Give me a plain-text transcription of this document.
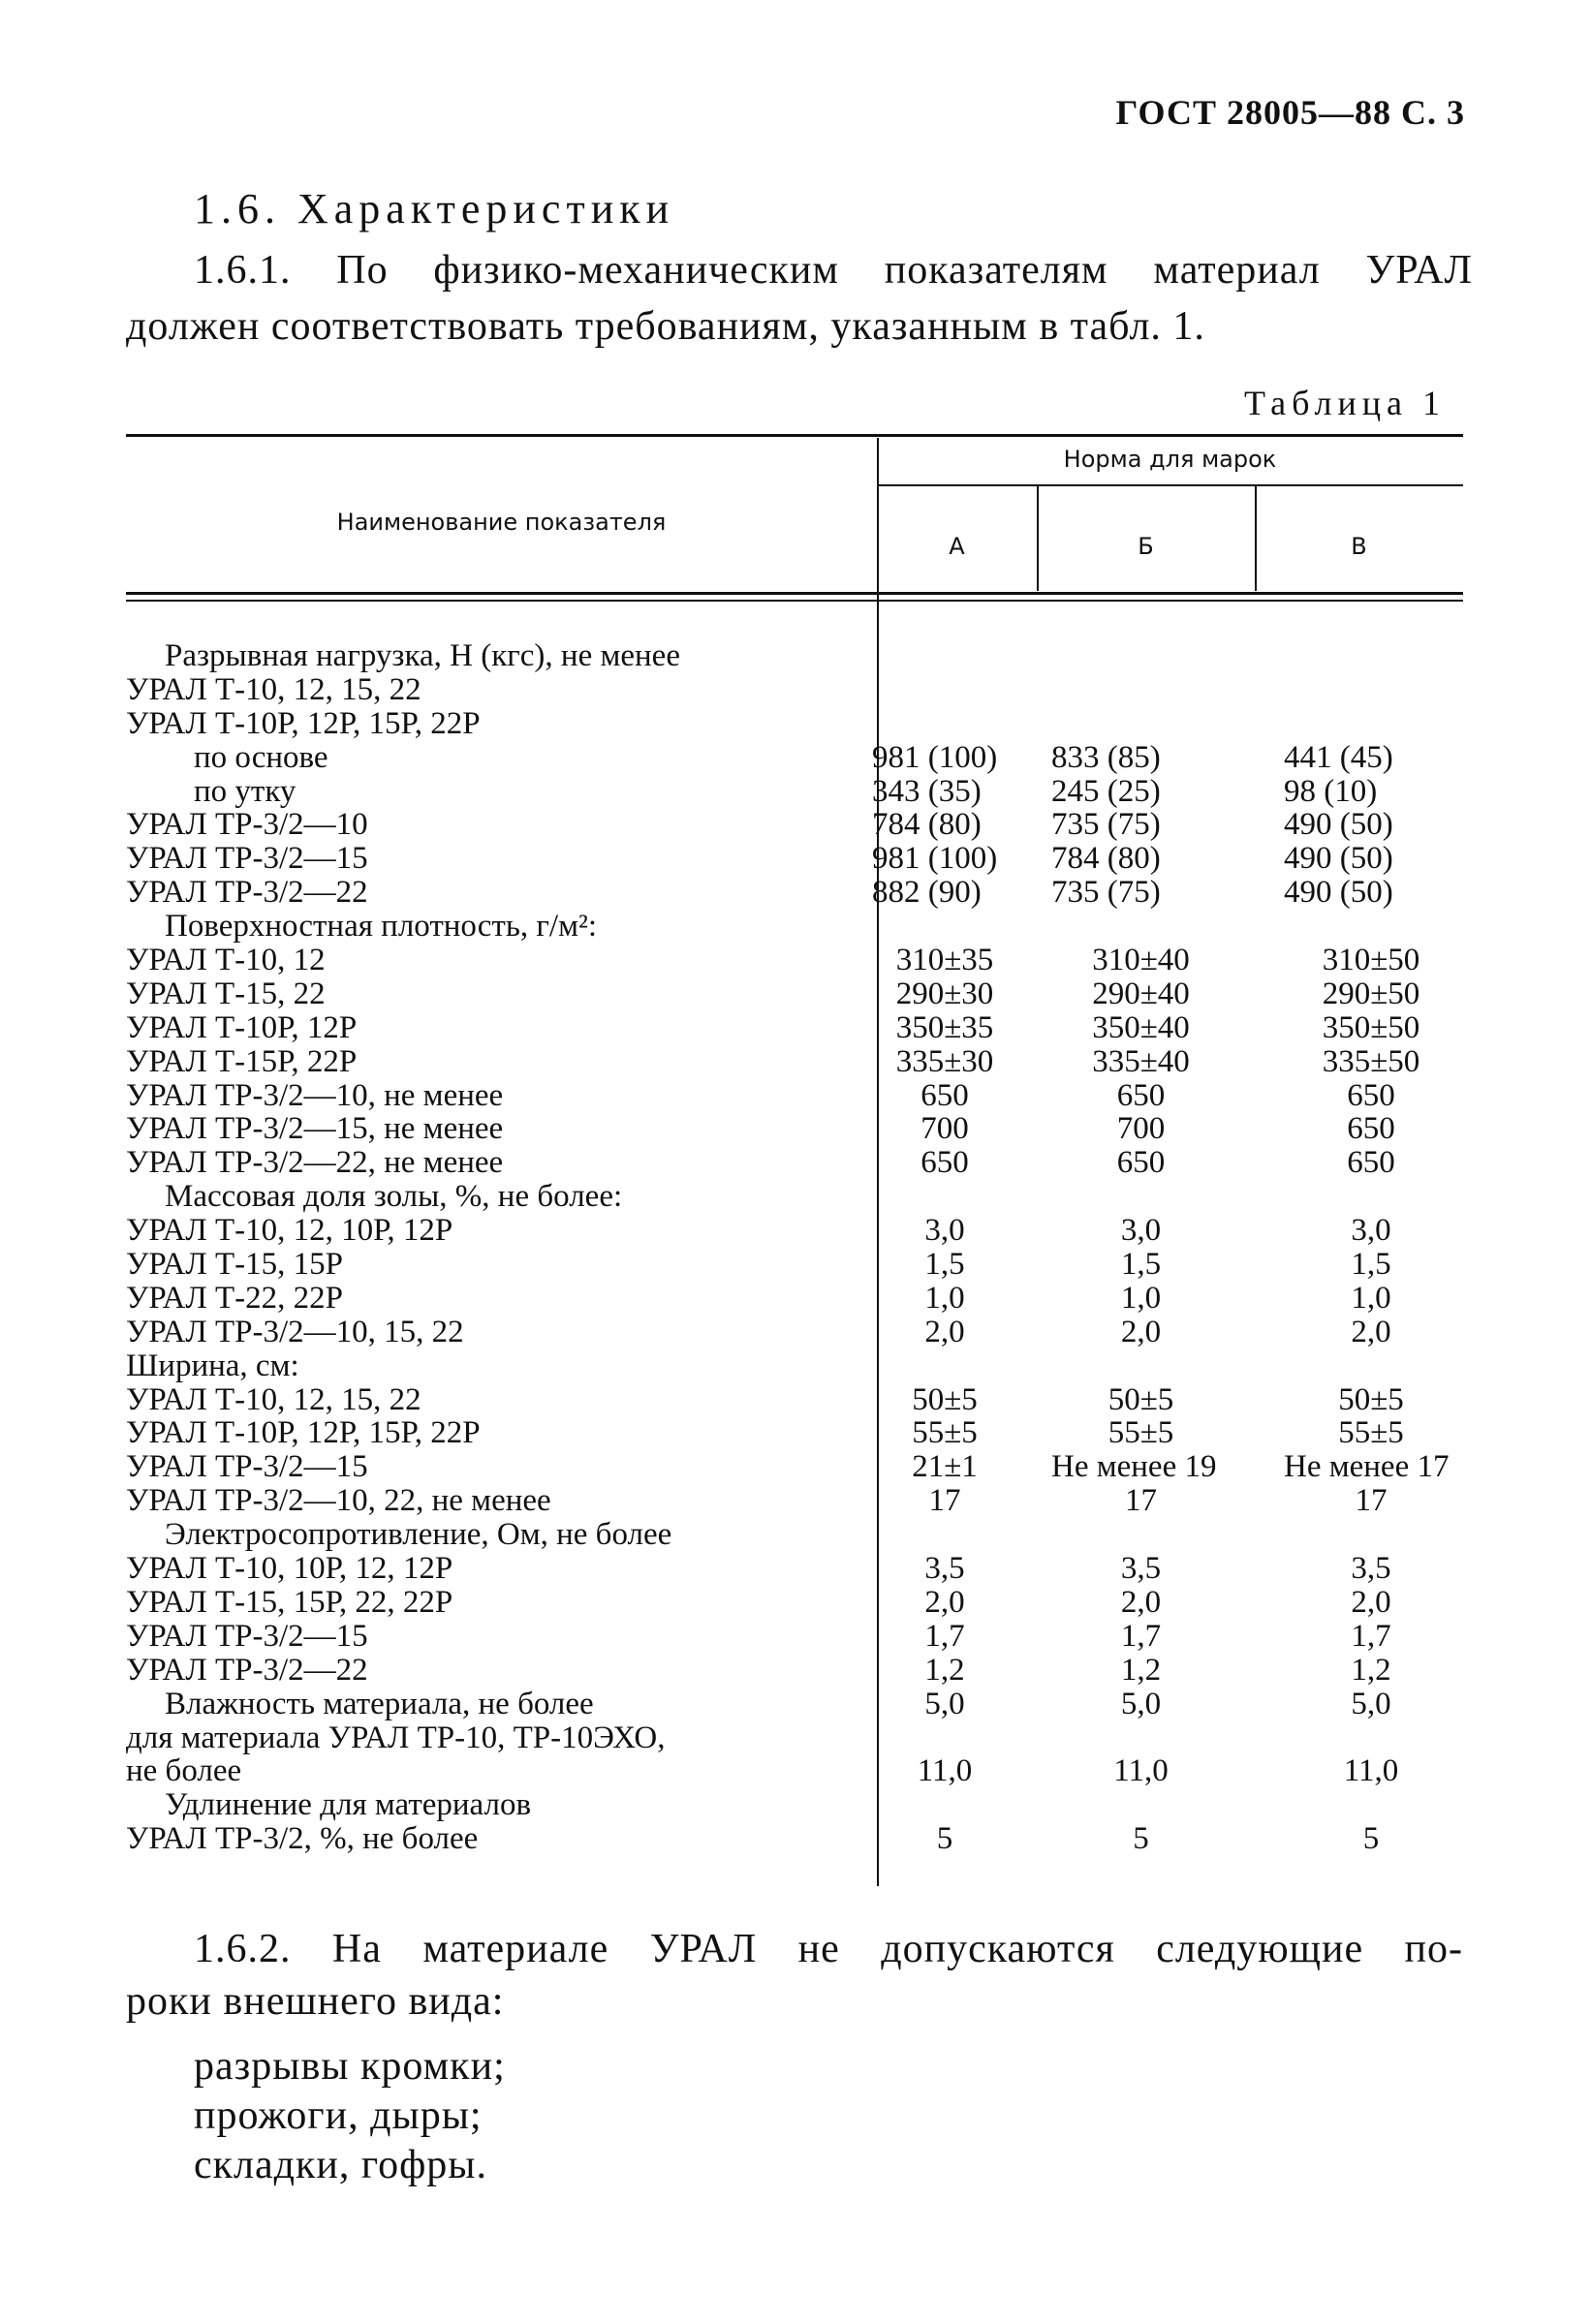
ГОСТ 28005—88 С. 3
1.6. Характеристики
1.6.1. По физико-механическим показателям материал УРАЛ
должен соответствовать требованиям, указанным в табл. 1.
Таблица 1
Наименование показателя
Норма для марок
А	Б	В
Разрывная нагрузка, Н (кгс), не менее
УРАЛ Т-10, 12, 15, 22
УРАЛ Т-10Р, 12Р, 15Р, 22Р
по основе	981 (100)	833 (85)	441 (45)
по утку	343 (35)	245 (25)	98 (10)
УРАЛ ТР-3/2—10	784 (80)	735 (75)	490 (50)
УРАЛ ТР-3/2—15	981 (100)	784 (80)	490 (50)
УРАЛ ТР-3/2—22	882 (90)	735 (75)	490 (50)
Поверхностная плотность, г/м²:
УРАЛ Т-10, 12	310±35	310±40	310±50
УРАЛ Т-15, 22	290±30	290±40	290±50
УРАЛ Т-10Р, 12Р	350±35	350±40	350±50
УРАЛ Т-15Р, 22Р	335±30	335±40	335±50
УРАЛ ТР-3/2—10, не менее	650	650	650
УРАЛ ТР-3/2—15, не менее	700	700	650
УРАЛ ТР-3/2—22, не менее	650	650	650
Массовая доля золы, %, не более:
УРАЛ Т-10, 12, 10Р, 12Р	3,0	3,0	3,0
УРАЛ Т-15, 15Р	1,5	1,5	1,5
УРАЛ Т-22, 22Р	1,0	1,0	1,0
УРАЛ ТР-3/2—10, 15, 22	2,0	2,0	2,0
Ширина, см:
УРАЛ Т-10, 12, 15, 22	50±5	50±5	50±5
УРАЛ Т-10Р, 12Р, 15Р, 22Р	55±5	55±5	55±5
УРАЛ ТР-3/2—15	21±1	Не менее 19	Не менее 17
УРАЛ ТР-3/2—10, 22, не менее	17	17	17
Электросопротивление, Ом, не более
УРАЛ Т-10, 10Р, 12, 12Р	3,5	3,5	3,5
УРАЛ Т-15, 15Р, 22, 22Р	2,0	2,0	2,0
УРАЛ ТР-3/2—15	1,7	1,7	1,7
УРАЛ ТР-3/2—22	1,2	1,2	1,2
Влажность материала, не более	5,0	5,0	5,0
для материала УРАЛ ТР-10, ТР-10ЭХО,
не более	11,0	11,0	11,0
Удлинение для материалов
УРАЛ ТР-3/2, %, не более	5	5	5
1.6.2. На материале УРАЛ не допускаются следующие по-
роки внешнего вида:
разрывы кромки;
прожоги, дыры;
складки, гофры.
